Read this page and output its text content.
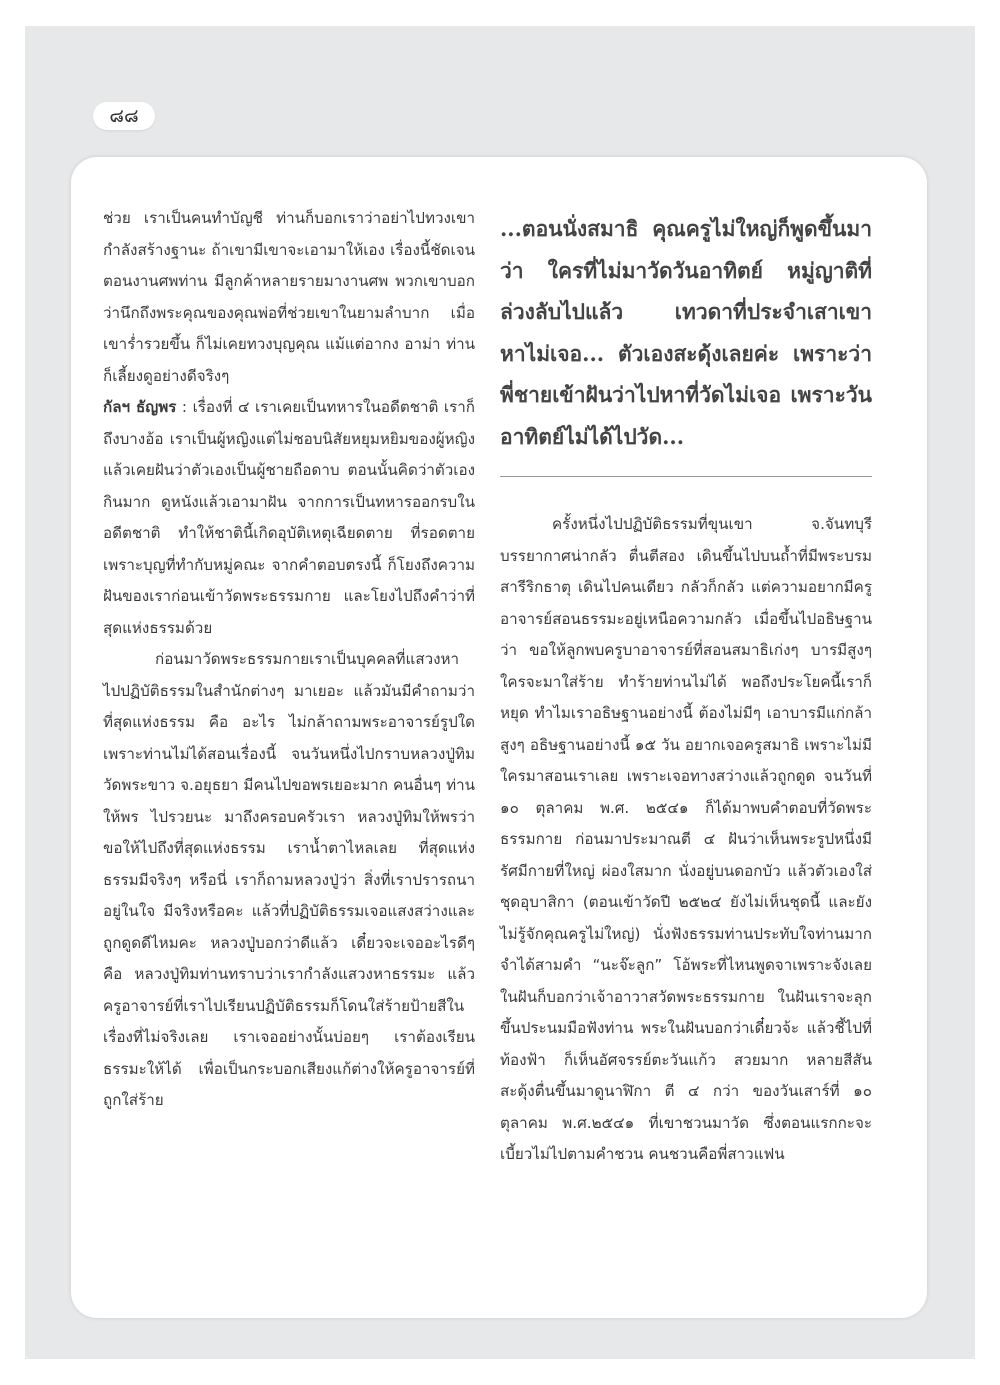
๘๘

ช่วย เราเป็นคนทำบัญชี ท่านก็บอกเราว่าอย่าไปทวงเขากำลังสร้างฐานะ ถ้าเขามีเขาจะเอามาให้เอง เรื่องนี้ชัดเจน ตอนงานศพท่าน มีลูกค้าหลายรายมางานศพ พวกเขาบอกว่านึกถึงพระคุณของคุณพ่อที่ช่วยเขาในยามลำบาก เมื่อเขาร่ำรวยขึ้น ก็ไม่เคยทวงบุญคุณ แม้แต่อากง อาม่า ท่านก็เลี้ยงดูอย่างดีจริงๆ

กัลฯ ธัญพร : เรื่องที่ ๔ เราเคยเป็นทหารในอดีตชาติ เราก็ถึงบางอ้อ เราเป็นผู้หญิงแต่ไม่ชอบนิสัยหยุมหยิมของผู้หญิง แล้วเคยฝันว่าตัวเองเป็นผู้ชายถือดาบ ตอนนั้นคิดว่าตัวเองกินมาก ดูหนังแล้วเอามาฝัน จากการเป็นทหารออกรบในอดีตชาติ ทำให้ชาตินี้เกิดอุบัติเหตุเฉียดตาย ที่รอดตายเพราะบุญที่ทำกับหมู่คณะ จากคำตอบตรงนี้ ก็โยงถึงความฝันของเราก่อนเข้าวัดพระธรรมกาย และโยงไปถึงคำว่าที่สุดแห่งธรรมด้วย

ก่อนมาวัดพระธรรมกายเราเป็นบุคคลที่แสวงหา ไปปฏิบัติธรรมในสำนักต่างๆ มาเยอะ แล้วมันมีคำถามว่า ที่สุดแห่งธรรม คือ อะไร ไม่กล้าถามพระอาจารย์รูปใด เพราะท่านไม่ได้สอนเรื่องนี้ จนวันหนึ่งไปกราบหลวงปู่ทิม วัดพระขาว จ.อยุธยา มีคนไปขอพรเยอะมาก คนอื่นๆ ท่านให้พร ไปรวยนะ มาถึงครอบครัวเรา หลวงปู่ทิมให้พรว่า ขอให้ไปถึงที่สุดแห่งธรรม เราน้ำตาไหลเลย ที่สุดแห่งธรรมมีจริงๆ หรือนี่ เราก็ถามหลวงปู่ว่า สิ่งที่เราปรารถนาอยู่ในใจ มีจริงหรือคะ แล้วที่ปฏิบัติธรรมเจอแสงสว่างและถูกดูดดีไหมคะ หลวงปู่บอกว่าดีแล้ว เดี๋ยวจะเจออะไรดีๆ คือ หลวงปู่ทิมท่านทราบว่าเรากำลังแสวงหาธรรมะ แล้วครูอาจารย์ที่เราไปเรียนปฏิบัติธรรมก็โดนใส่ร้ายป้ายสีในเรื่องที่ไม่จริงเลย เราเจออย่างนั้นบ่อยๆ เราต้องเรียนธรรมะให้ได้ เพื่อเป็นกระบอกเสียงแก้ต่างให้ครูอาจารย์ที่ถูกใส่ร้าย

...ตอนนั่งสมาธิ คุณครูไม่ใหญ่ก็พูดขึ้นมาว่า ใครที่ไม่มาวัดวันอาทิตย์ หมู่ญาติที่ล่วงลับไปแล้ว เทวดาที่ประจำเสาเขาหาไม่เจอ... ตัวเองสะดุ้งเลยค่ะ เพราะว่าพี่ชายเข้าฝันว่าไปหาที่วัดไม่เจอ เพราะวันอาทิตย์ไม่ได้ไปวัด...

ครั้งหนึ่งไปปฏิบัติธรรมที่ขุนเขา จ.จันทบุรี บรรยากาศน่ากลัว ตื่นตีสอง เดินขึ้นไปบนถ้ำที่มีพระบรมสารีริกธาตุ เดินไปคนเดียว กลัวก็กลัว แต่ความอยากมีครูอาจารย์สอนธรรมะอยู่เหนือความกลัว เมื่อขึ้นไปอธิษฐานว่า ขอให้ลูกพบครูบาอาจารย์ที่สอนสมาธิเก่งๆ บารมีสูงๆ ใครจะมาใส่ร้าย ทำร้ายท่านไม่ได้ พอถึงประโยคนี้เราก็หยุด ทำไมเราอธิษฐานอย่างนี้ ต้องไม่มีๆ เอาบารมีแก่กล้าสูงๆ อธิษฐานอย่างนี้ ๑๕ วัน อยากเจอครูสมาธิ เพราะไม่มีใครมาสอนเราเลย เพราะเจอทางสว่างแล้วถูกดูด จนวันที่ ๑๐ ตุลาคม พ.ศ. ๒๕๔๑ ก็ได้มาพบคำตอบที่วัดพระธรรมกาย ก่อนมาประมาณตี ๔ ฝันว่าเห็นพระรูปหนึ่งมีรัศมีกายที่ใหญ่ ผ่องใสมาก นั่งอยู่บนดอกบัว แล้วตัวเองใส่ชุดอุบาสิกา (ตอนเข้าวัดปี ๒๕๒๔ ยังไม่เห็นชุดนี้ และยังไม่รู้จักคุณครูไม่ใหญ่) นั่งฟังธรรมท่านประทับใจท่านมาก จำได้สามคำ “นะจ๊ะลูก” โอ้พระที่ไหนพูดจาเพราะจังเลย ในฝันก็บอกว่าเจ้าอาวาสวัดพระธรรมกาย ในฝันเราจะลุกขึ้นประนมมือฟังท่าน พระในฝันบอกว่าเดี๋ยวจ้ะ แล้วชี้ไปที่ท้องฟ้า ก็เห็นอัศจรรย์ตะวันแก้ว สวยมาก หลายสีสัน สะดุ้งตื่นขึ้นมาดูนาฬิกา ตี ๔ กว่า ของวันเสาร์ที่ ๑๐ ตุลาคม พ.ศ.๒๕๔๑ ที่เขาชวนมาวัด ซึ่งตอนแรกกะจะเบี้ยวไม่ไปตามคำชวน คนชวนคือพี่สาวแฟน
